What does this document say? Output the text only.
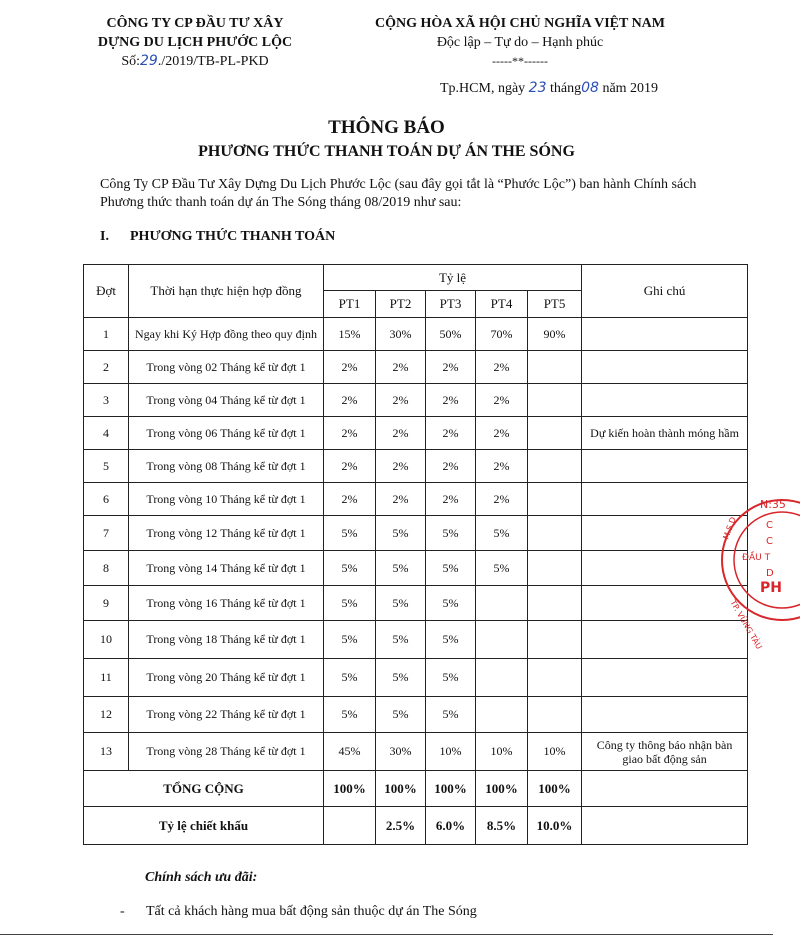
CÔNG TY CP ĐẦU TƯ XÂY
DỰNG DU LỊCH PHƯỚC LỘC
Số:29./2019/TB-PL-PKD
CỘNG HÒA XÃ HỘI CHỦ NGHĨA VIỆT NAM
Độc lập – Tự do – Hạnh phúc
-----**------
Tp.HCM, ngày 23 tháng08 năm 2019
THÔNG BÁO
PHƯƠNG THỨC THANH TOÁN DỰ ÁN THE SÓNG
Công Ty CP Đầu Tư Xây Dựng Du Lịch Phước Lộc (sau đây gọi tắt là “Phước Lộc”) ban hành Chính sách Phương thức thanh toán dự án The Sóng tháng 08/2019 như sau:
I. PHƯƠNG THỨC THANH TOÁN
Đợt	Thời hạn thực hiện hợp đồng	Tỷ lệ					Ghi chú
		PT1	PT2	PT3	PT4	PT5	
1	Ngay khi Ký Hợp đồng theo quy định	15%	30%	50%	70%	90%	
2	Trong vòng 02 Tháng kể từ đợt 1	2%	2%	2%	2%		
3	Trong vòng 04 Tháng kể từ đợt 1	2%	2%	2%	2%		
4	Trong vòng 06 Tháng kể từ đợt 1	2%	2%	2%	2%		Dự kiến hoàn thành móng hầm
5	Trong vòng 08 Tháng kể từ đợt 1	2%	2%	2%	2%		
6	Trong vòng 10 Tháng kể từ đợt 1	2%	2%	2%	2%		
7	Trong vòng 12 Tháng kể từ đợt 1	5%	5%	5%	5%		
8	Trong vòng 14 Tháng kể từ đợt 1	5%	5%	5%	5%		
9	Trong vòng 16 Tháng kể từ đợt 1	5%	5%	5%			
10	Trong vòng 18 Tháng kể từ đợt 1	5%	5%	5%			
11	Trong vòng 20 Tháng kể từ đợt 1	5%	5%	5%			
12	Trong vòng 22 Tháng kể từ đợt 1	5%	5%	5%			
13	Trong vòng 28 Tháng kể từ đợt 1	45%	30%	10%	10%	10%	Công ty thông báo nhận bàn giao bất động sản
TỔNG CỘNG		100%	100%	100%	100%	100%	
Tỷ lệ chiết khấu			2.5%	6.0%	8.5%	10.0%	
Chính sách ưu đãi:
- Tất cả khách hàng mua bất động sản thuộc dự án The Sóng
N:35
C
C
ĐẦU T
D
PH
M.S.D
TP. VŨNG TÀU
